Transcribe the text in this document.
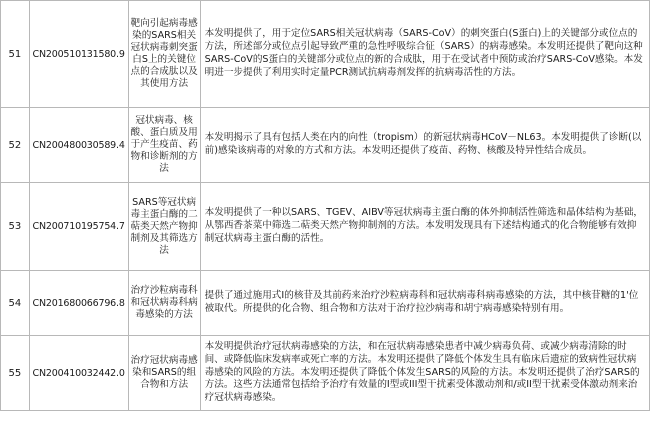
51	CN200510131580.9	靶向引起病毒感染的SARS相关冠状病毒刺突蛋白S上的关键位点的合成肽以及其使用方法	本发明提供了，用于定位SARS相关冠状病毒（SARS-CoV）的刺突蛋白(S蛋白)上的关键部分或位点的方法，所述部分或位点引起导致严重的急性呼吸综合征（SARS）的病毒感染。本发明还提供了靶向这种SARS-CoV的S蛋白的关键部分或位点的新的合成肽，用于在受试者中预防或治疗SARS-CoV感染。本发明进一步提供了利用实时定量PCR测试抗病毒剂发挥的抗病毒活性的方法。

52	CN200480030589.4	冠状病毒、核酸、蛋白质及用于产生疫苗、药物和诊断剂的方法	本发明揭示了具有包括人类在内的向性（tropism）的新冠状病毒HCoV－NL63。本发明提供了诊断(以前)感染该病毒的对象的方式和方法。本发明还提供了疫苗、药物、核酸及特异性结合成员。

53	CN200710195754.7	SARS等冠状病毒主蛋白酶的二萜类天然产物抑制剂及其筛选方法	本发明提供了一种以SARS、TGEV、AIBV等冠状病毒主蛋白酶的体外抑制活性筛选和晶体结构为基础，从鄂西香茶菜中筛选二萜类天然产物抑制剂的方法。本发明发现具有下述结构通式的化合物能够有效抑制冠状病毒主蛋白酶的活性。

54	CN201680066796.8	治疗沙粒病毒科和冠状病毒科病毒感染的方法	提供了通过施用式I的核苷及其前药来治疗沙粒病毒科和冠状病毒科病毒感染的方法，其中核苷糖的1'位被取代。所提供的化合物、组合物和方法对于治疗拉沙病毒和胡宁病毒感染特别有用。

55	CN200410032442.0	治疗冠状病毒感染和SARS的组合物和方法	本发明提供治疗冠状病毒感染的方法，和在冠状病毒感染患者中减少病毒负荷、或减少病毒清除的时间、或降低临床发病率或死亡率的方法。本发明还提供了降低个体发生具有临床后遗症的致病性冠状病毒感染的风险的方法。本发明还提供了降低个体发生SARS的风险的方法。本发明还提供了治疗SARS的方法。这些方法通常包括给予治疗有效量的I型或III型干扰素受体激动剂和/或II型干扰素受体激动剂来治疗冠状病毒感染。
